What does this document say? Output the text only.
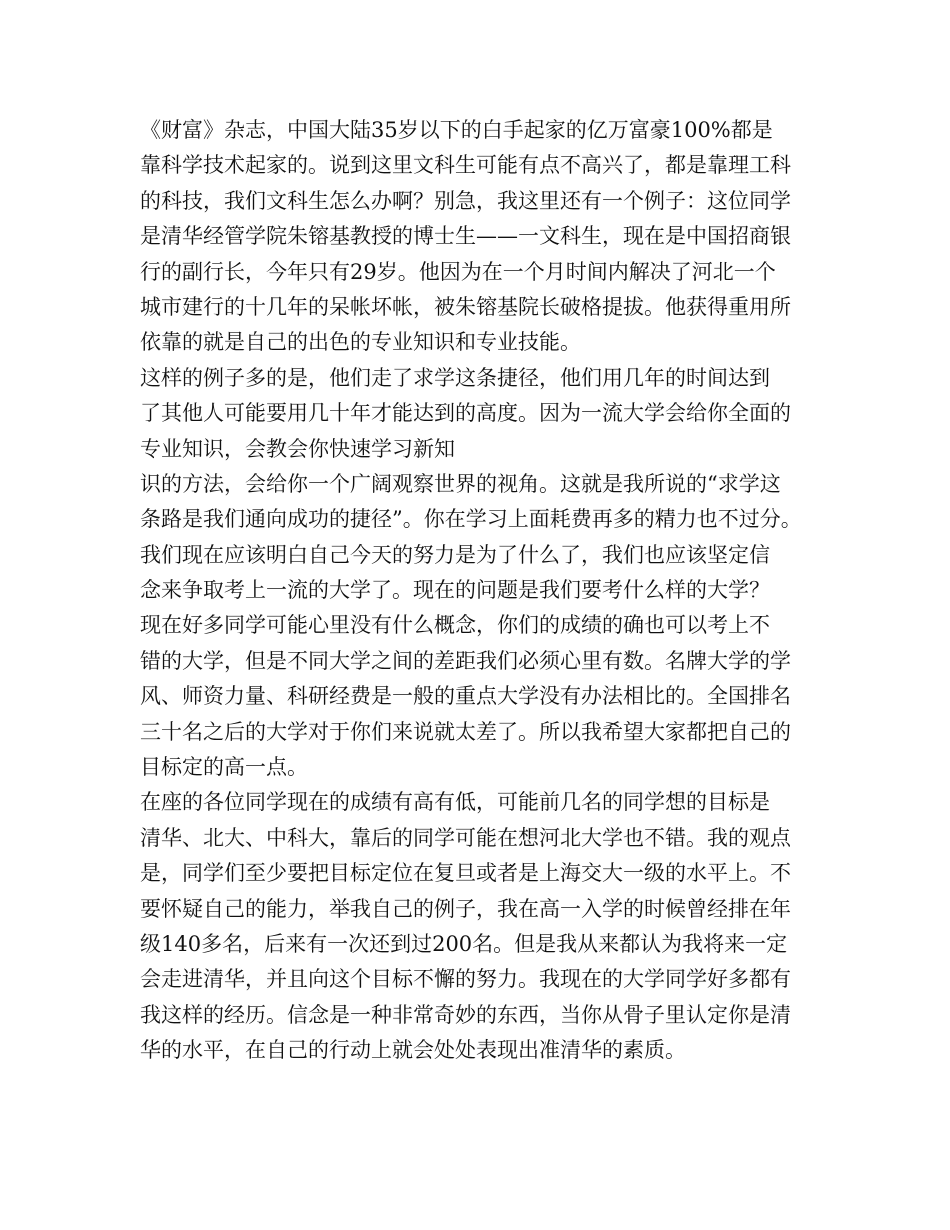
《财富》杂志，中国大陆35岁以下的白手起家的亿万富豪100%都是
靠科学技术起家的。说到这里文科生可能有点不高兴了，都是靠理工科
的科技，我们文科生怎么办啊？别急，我这里还有一个例子：这位同学
是清华经管学院朱镕基教授的博士生——一文科生，现在是中国招商银
行的副行长，今年只有29岁。他因为在一个月时间内解决了河北一个
城市建行的十几年的呆帐坏帐，被朱镕基院长破格提拔。他获得重用所
依靠的就是自己的出色的专业知识和专业技能。
这样的例子多的是，他们走了求学这条捷径，他们用几年的时间达到
了其他人可能要用几十年才能达到的高度。因为一流大学会给你全面的
专业知识，会教会你快速学习新知
识的方法，会给你一个广阔观察世界的视角。这就是我所说的“求学这
条路是我们通向成功的捷径”。你在学习上面耗费再多的精力也不过分。
我们现在应该明白自己今天的努力是为了什么了，我们也应该坚定信
念来争取考上一流的大学了。现在的问题是我们要考什么样的大学？
现在好多同学可能心里没有什么概念，你们的成绩的确也可以考上不
错的大学，但是不同大学之间的差距我们必须心里有数。名牌大学的学
风、师资力量、科研经费是一般的重点大学没有办法相比的。全国排名
三十名之后的大学对于你们来说就太差了。所以我希望大家都把自己的
目标定的高一点。
在座的各位同学现在的成绩有高有低，可能前几名的同学想的目标是
清华、北大、中科大，靠后的同学可能在想河北大学也不错。我的观点
是，同学们至少要把目标定位在复旦或者是上海交大一级的水平上。不
要怀疑自己的能力，举我自己的例子，我在高一入学的时候曾经排在年
级140多名，后来有一次还到过200名。但是我从来都认为我将来一定
会走进清华，并且向这个目标不懈的努力。我现在的大学同学好多都有
我这样的经历。信念是一种非常奇妙的东西，当你从骨子里认定你是清
华的水平，在自己的行动上就会处处表现出准清华的素质。
